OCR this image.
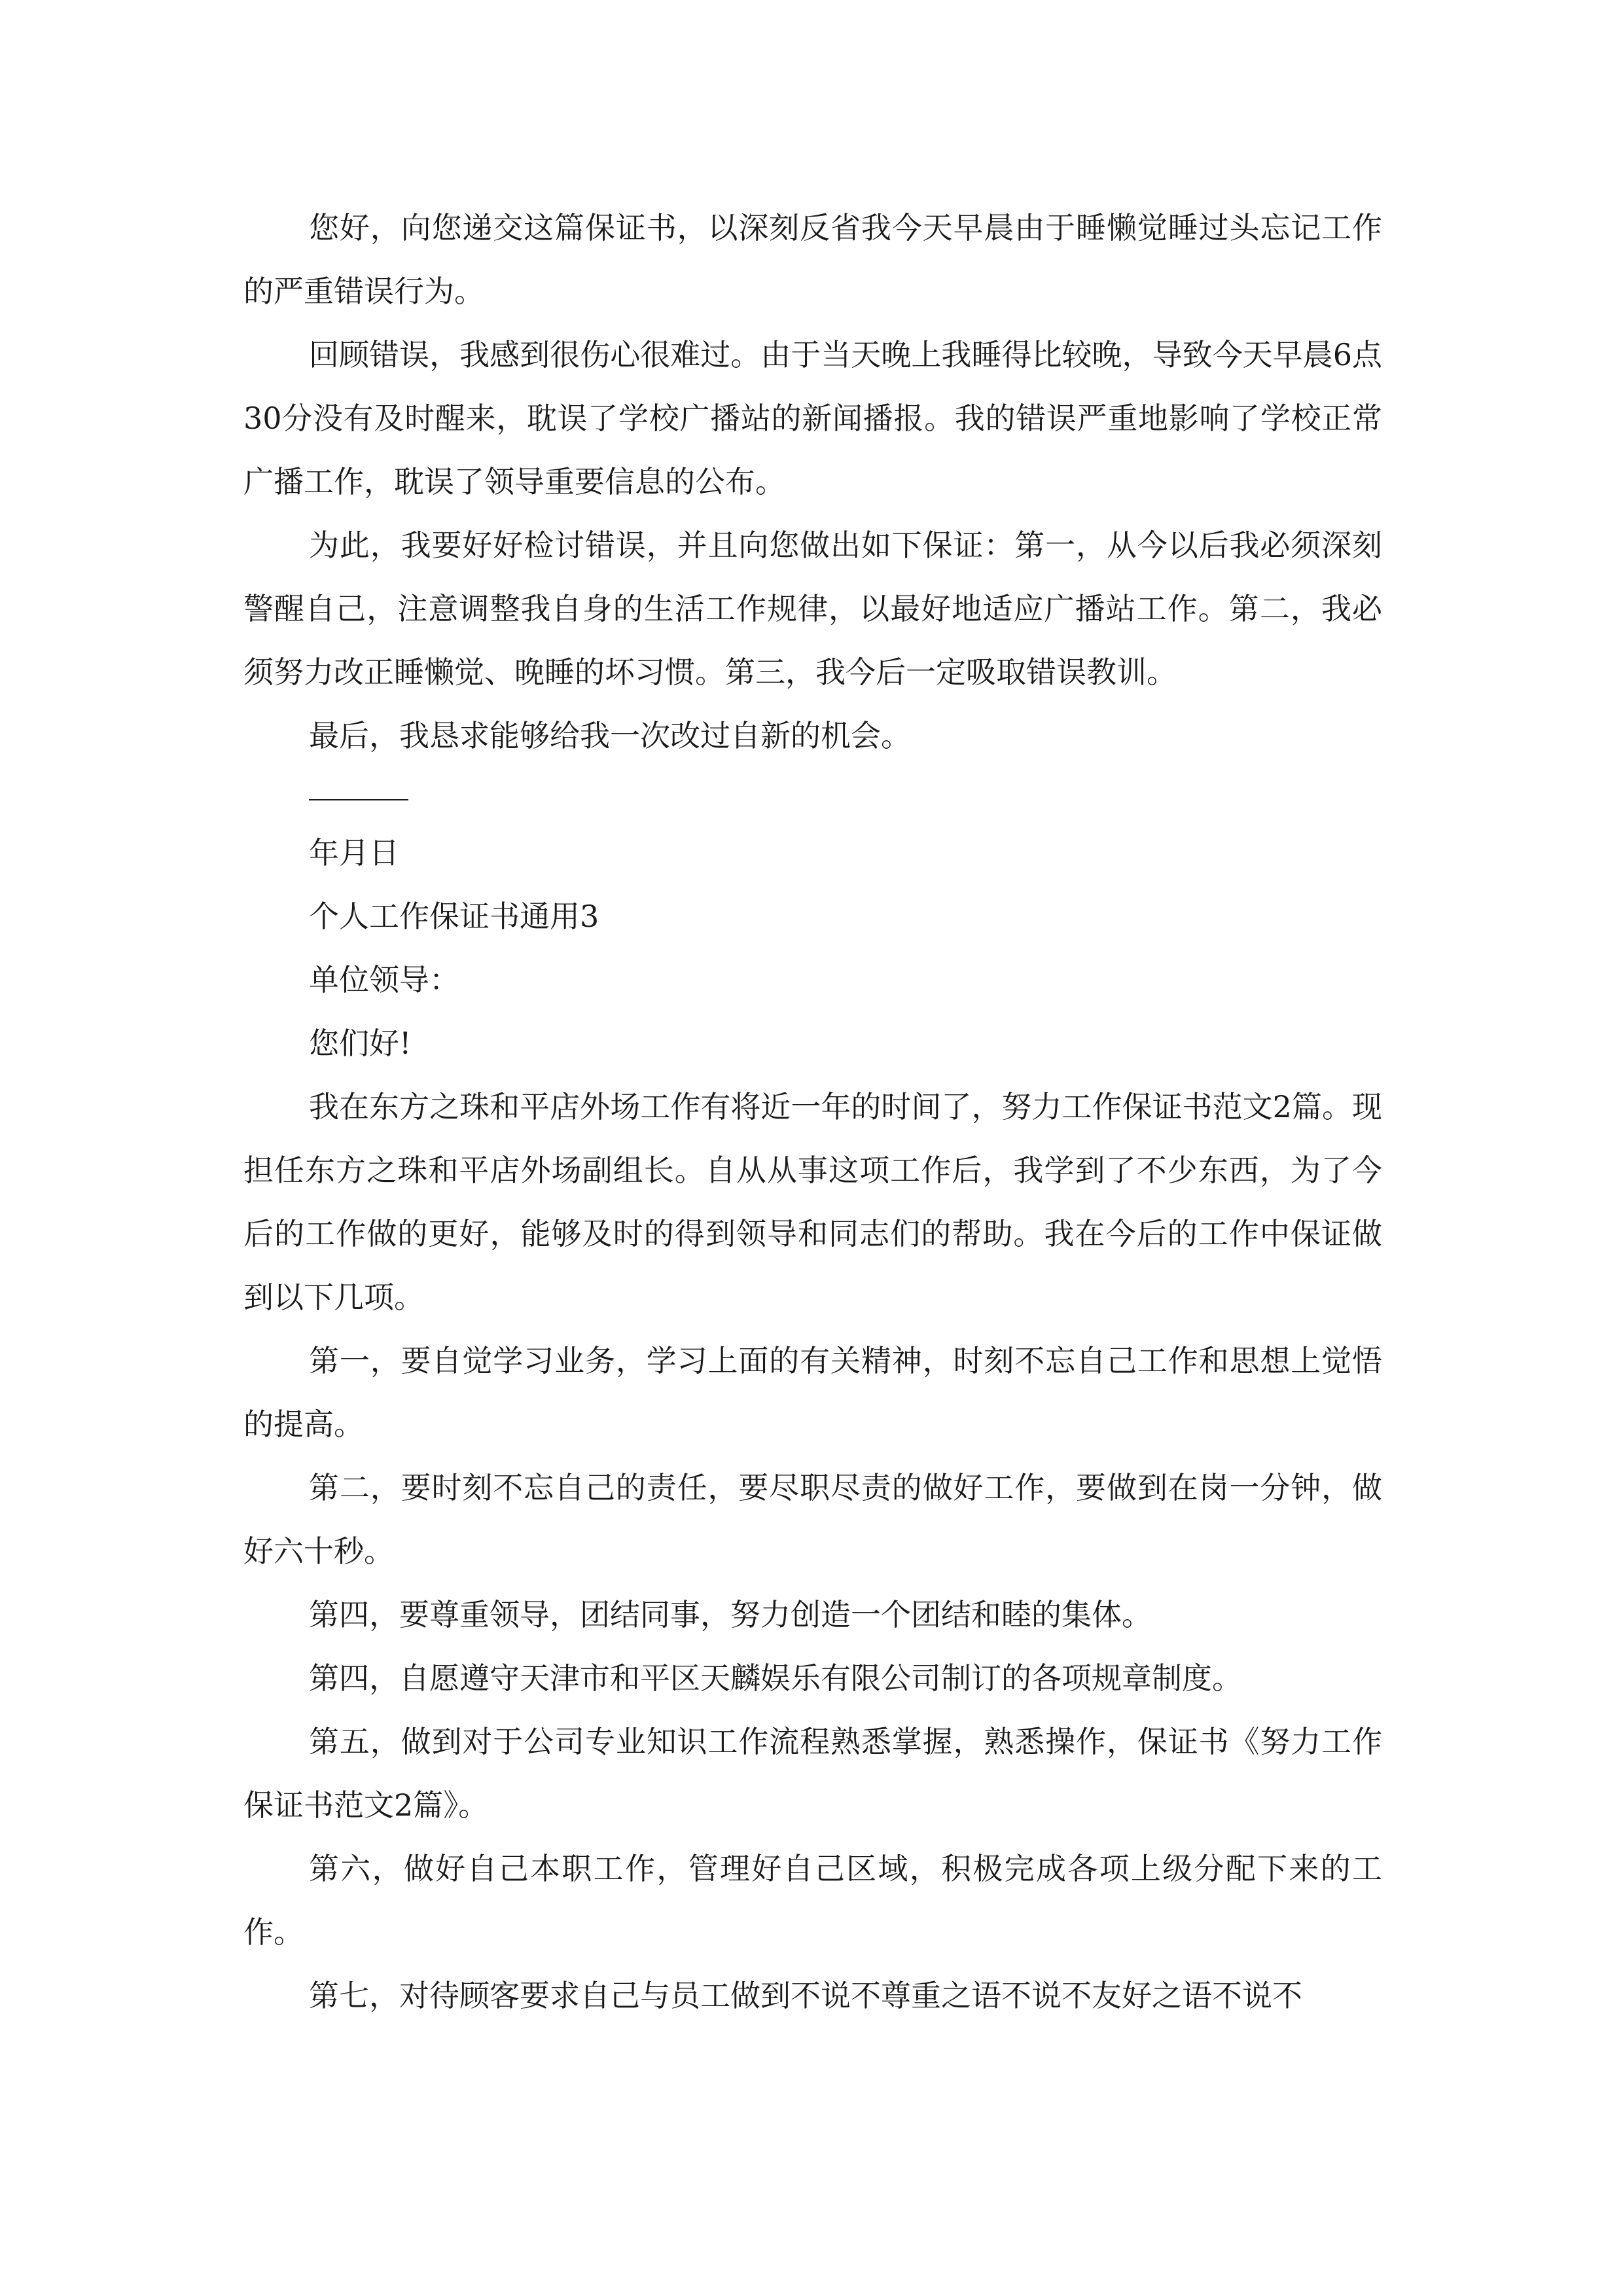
您好，向您递交这篇保证书，以深刻反省我今天早晨由于睡懒觉睡过头忘记工作的严重错误行为。

回顾错误，我感到很伤心很难过。由于当天晚上我睡得比较晚，导致今天早晨6点30分没有及时醒来，耽误了学校广播站的新闻播报。我的错误严重地影响了学校正常广播工作，耽误了领导重要信息的公布。

为此，我要好好检讨错误，并且向您做出如下保证：第一，从今以后我必须深刻警醒自己，注意调整我自身的生活工作规律，以最好地适应广播站工作。第二，我必须努力改正睡懒觉、晚睡的坏习惯。第三，我今后一定吸取错误教训。

最后，我恳求能够给我一次改过自新的机会。

年月日

个人工作保证书通用3

单位领导：

您们好!

我在东方之珠和平店外场工作有将近一年的时间了，努力工作保证书范文2篇。现担任东方之珠和平店外场副组长。自从从事这项工作后，我学到了不少东西，为了今后的工作做的更好，能够及时的得到领导和同志们的帮助。我在今后的工作中保证做到以下几项。

第一，要自觉学习业务，学习上面的有关精神，时刻不忘自己工作和思想上觉悟的提高。

第二，要时刻不忘自己的责任，要尽职尽责的做好工作，要做到在岗一分钟，做好六十秒。

第四，要尊重领导，团结同事，努力创造一个团结和睦的集体。

第四，自愿遵守天津市和平区天麟娱乐有限公司制订的各项规章制度。

第五，做到对于公司专业知识工作流程熟悉掌握，熟悉操作，保证书《努力工作保证书范文2篇》。

第六，做好自己本职工作，管理好自己区域，积极完成各项上级分配下来的工作。

第七，对待顾客要求自己与员工做到不说不尊重之语不说不友好之语不说不
